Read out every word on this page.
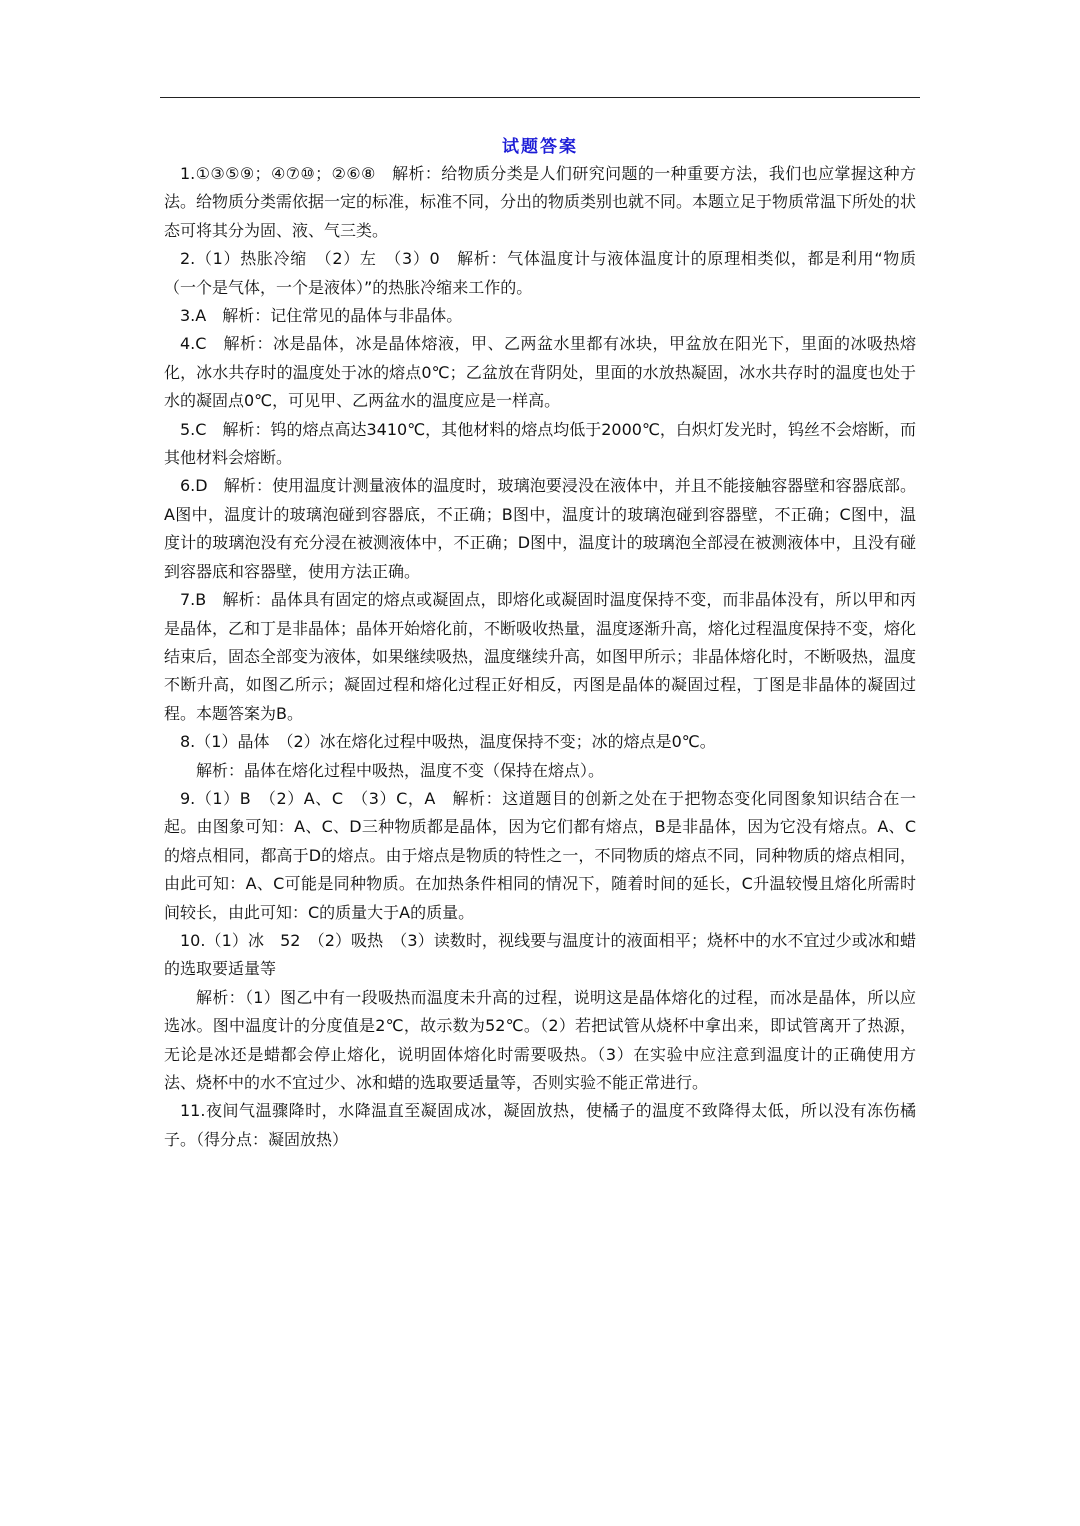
试题答案

1.①③⑤⑨；④⑦⑩；②⑥⑧　解析：给物质分类是人们研究问题的一种重要方法，我们也应掌握这种方法。给物质分类需依据一定的标准，标准不同，分出的物质类别也就不同。本题立足于物质常温下所处的状态可将其分为固、液、气三类。

2.（1）热胀冷缩　（2）左　（3）0　解析：气体温度计与液体温度计的原理相类似，都是利用“物质（一个是气体，一个是液体）”的热胀冷缩来工作的。

3.A　解析：记住常见的晶体与非晶体。

4.C　解析：冰是晶体，冰是晶体熔液，甲、乙两盆水里都有冰块，甲盆放在阳光下，里面的冰吸热熔化，冰水共存时的温度处于冰的熔点0℃；乙盆放在背阴处，里面的水放热凝固，冰水共存时的温度也处于水的凝固点0℃，可见甲、乙两盆水的温度应是一样高。

5.C　解析：钨的熔点高达3410℃，其他材料的熔点均低于2000℃，白炽灯发光时，钨丝不会熔断，而其他材料会熔断。

6.D　解析：使用温度计测量液体的温度时，玻璃泡要浸没在液体中，并且不能接触容器壁和容器底部。A图中，温度计的玻璃泡碰到容器底，不正确；B图中，温度计的玻璃泡碰到容器壁，不正确；C图中，温度计的玻璃泡没有充分浸在被测液体中，不正确；D图中，温度计的玻璃泡全部浸在被测液体中，且没有碰到容器底和容器壁，使用方法正确。

7.B　解析：晶体具有固定的熔点或凝固点，即熔化或凝固时温度保持不变，而非晶体没有，所以甲和丙是晶体，乙和丁是非晶体；晶体开始熔化前，不断吸收热量，温度逐渐升高，熔化过程温度保持不变，熔化结束后，固态全部变为液体，如果继续吸热，温度继续升高，如图甲所示；非晶体熔化时，不断吸热，温度不断升高，如图乙所示；凝固过程和熔化过程正好相反，丙图是晶体的凝固过程，丁图是非晶体的凝固过程。本题答案为B。

8.（1）晶体　（2）冰在熔化过程中吸热，温度保持不变；冰的熔点是0℃。

解析：晶体在熔化过程中吸热，温度不变（保持在熔点）。

9.（1）B　（2）A、C　（3）C，A　解析：这道题目的创新之处在于把物态变化同图象知识结合在一起。由图象可知：A、C、D三种物质都是晶体，因为它们都有熔点，B是非晶体，因为它没有熔点。A、C的熔点相同，都高于D的熔点。由于熔点是物质的特性之一，不同物质的熔点不同，同种物质的熔点相同，由此可知：A、C可能是同种物质。在加热条件相同的情况下，随着时间的延长，C升温较慢且熔化所需时间较长，由此可知：C的质量大于A的质量。

10.（1）冰　52　（2）吸热　（3）读数时，视线要与温度计的液面相平；烧杯中的水不宜过少或冰和蜡的选取要适量等

解析：（1）图乙中有一段吸热而温度未升高的过程，说明这是晶体熔化的过程，而冰是晶体，所以应选冰。图中温度计的分度值是2℃，故示数为52℃。（2）若把试管从烧杯中拿出来，即试管离开了热源，无论是冰还是蜡都会停止熔化，说明固体熔化时需要吸热。（3）在实验中应注意到温度计的正确使用方法、烧杯中的水不宜过少、冰和蜡的选取要适量等，否则实验不能正常进行。

11.夜间气温骤降时，水降温直至凝固成冰，凝固放热，使橘子的温度不致降得太低，所以没有冻伤橘子。（得分点：凝固放热）
